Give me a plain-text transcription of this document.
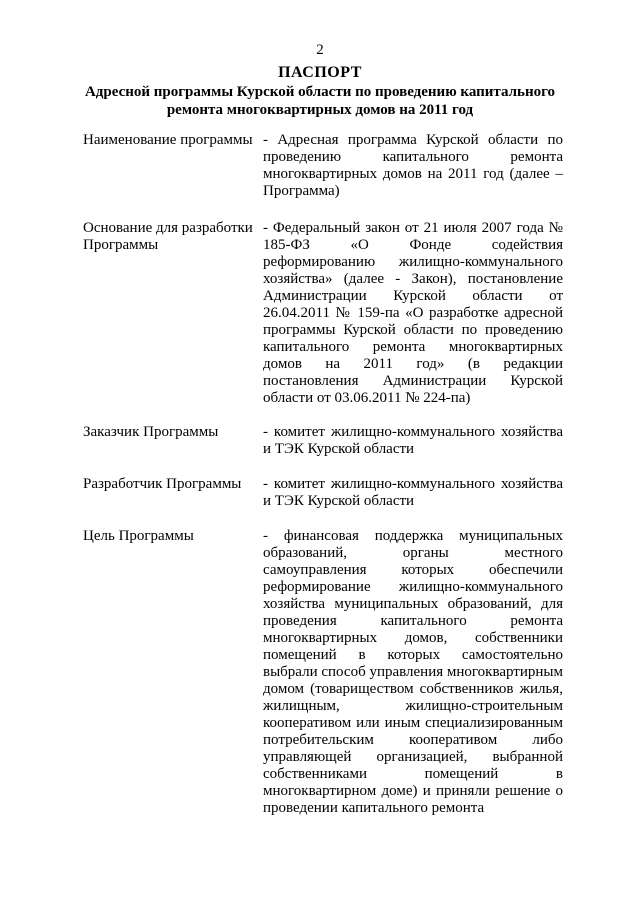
2
ПАСПОРТ
Адресной программы Курской области по проведению капитального ремонта многоквартирных домов на 2011 год
Наименование программы - Адресная программа Курской области по проведению капитального ремонта многоквартирных домов на 2011 год (далее – Программа)
Основание для разработки Программы
- Федеральный закон от 21 июля 2007 года № 185-ФЗ «О Фонде содействия реформированию жилищно-коммунального хозяйства» (далее - Закон), постановление Администрации Курской области от 26.04.2011 № 159-па «О разработке адресной программы Курской области по проведению капитального ремонта многоквартирных домов на 2011 год» (в редакции постановления Администрации Курской области от 03.06.2011 № 224-па)
Заказчик Программы	- комитет жилищно-коммунального хозяйства и ТЭК Курской области
Разработчик Программы	- комитет жилищно-коммунального хозяйства и ТЭК Курской области
Цель Программы	- финансовая поддержка муниципальных образований, органы местного самоуправления которых обеспечили реформирование жилищно-коммунального хозяйства муниципальных образований, для проведения капитального ремонта многоквартирных домов, собственники помещений в которых самостоятельно выбрали способ управления многоквартирным домом (товариществом собственников жилья, жилищным, жилищно-строительным кооперативом или иным специализированным потребительским кооперативом либо управляющей организацией, выбранной собственниками помещений в многоквартирном доме) и приняли решение о проведении капитального ремонта
